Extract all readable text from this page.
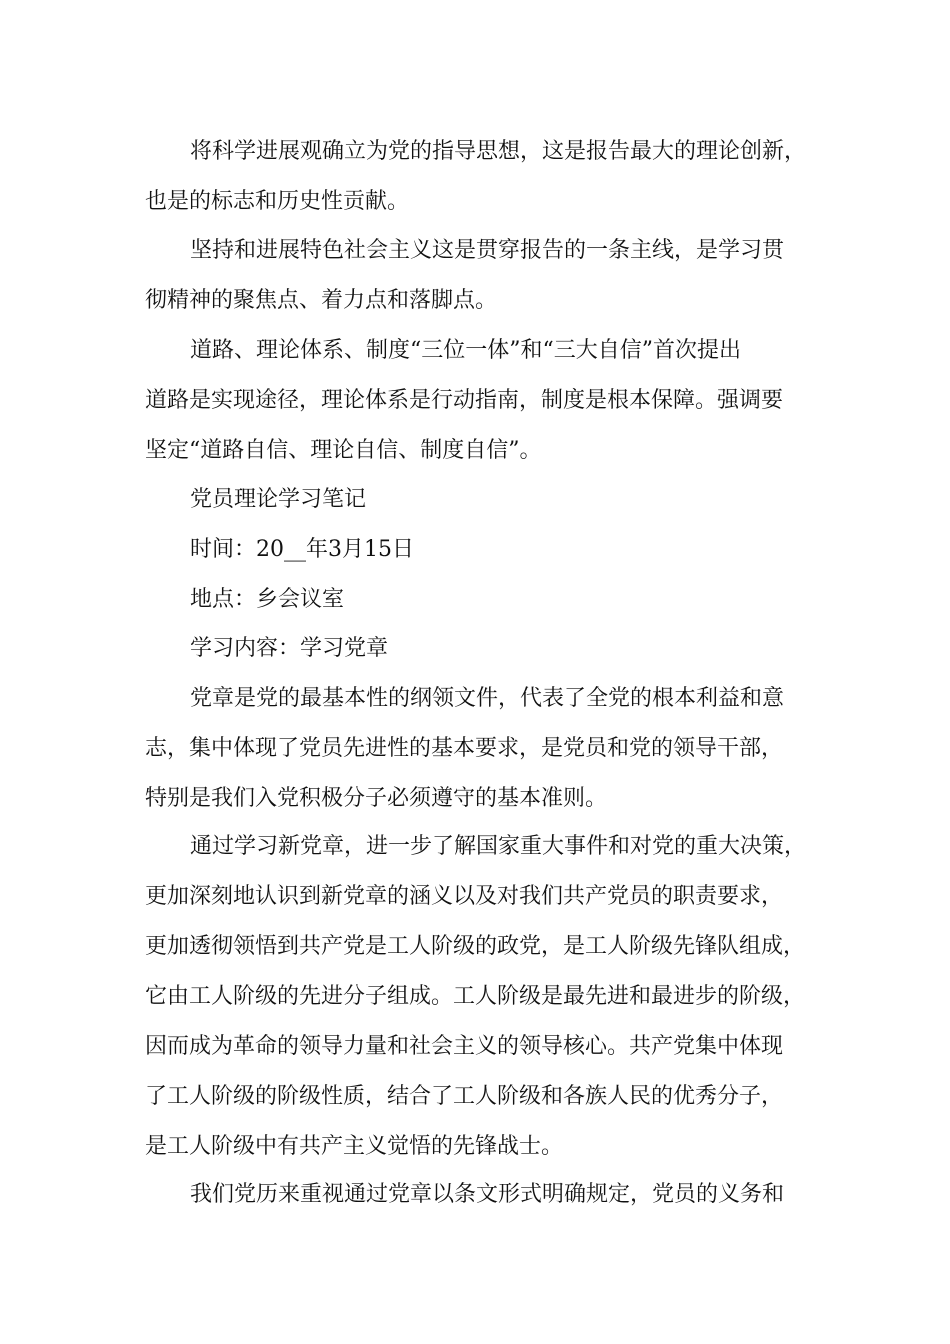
将科学进展观确立为党的指导思想，这是报告最大的理论创新，
也是的标志和历史性贡献。
坚持和进展特色社会主义这是贯穿报告的一条主线，是学习贯
彻精神的聚焦点、着力点和落脚点。
道路、理论体系、制度“三位一体”和“三大自信”首次提出
道路是实现途径，理论体系是行动指南，制度是根本保障。强调要
坚定“道路自信、理论自信、制度自信”。
党员理论学习笔记
时间：20__年3月15日
地点：乡会议室
学习内容：学习党章
党章是党的最基本性的纲领文件，代表了全党的根本利益和意
志，集中体现了党员先进性的基本要求，是党员和党的领导干部，
特别是我们入党积极分子必须遵守的基本准则。
通过学习新党章，进一步了解国家重大事件和对党的重大决策，
更加深刻地认识到新党章的涵义以及对我们共产党员的职责要求，
更加透彻领悟到共产党是工人阶级的政党，是工人阶级先锋队组成，
它由工人阶级的先进分子组成。工人阶级是最先进和最进步的阶级，
因而成为革命的领导力量和社会主义的领导核心。共产党集中体现
了工人阶级的阶级性质，结合了工人阶级和各族人民的优秀分子，
是工人阶级中有共产主义觉悟的先锋战士。
我们党历来重视通过党章以条文形式明确规定，党员的义务和
